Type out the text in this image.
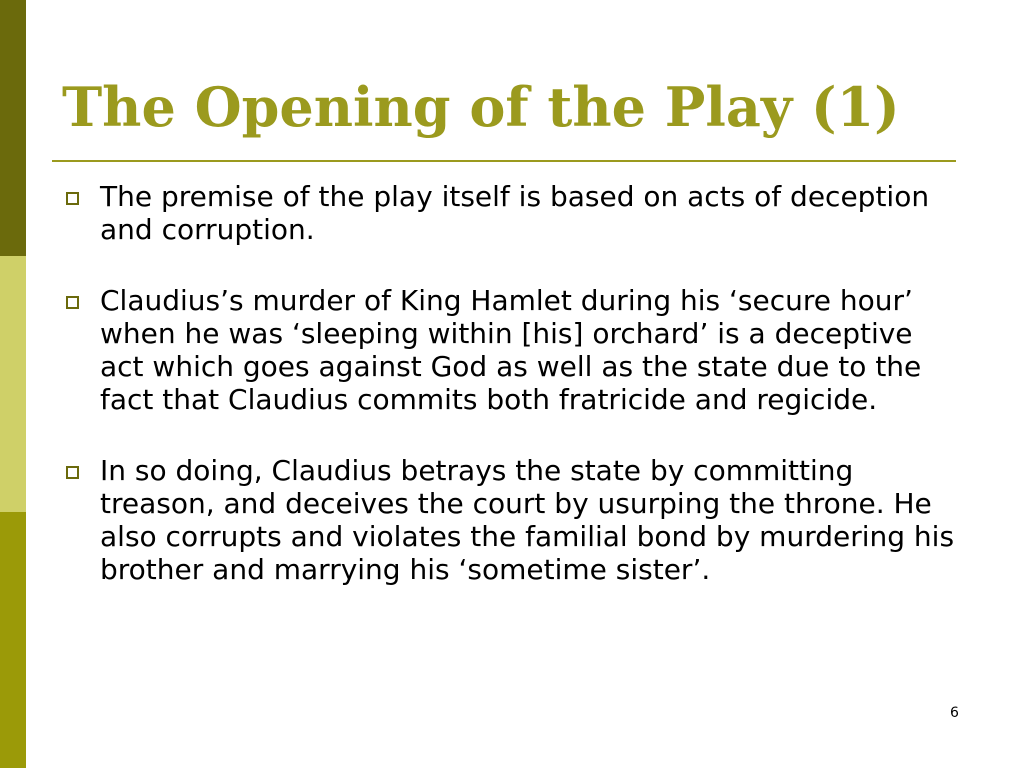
The Opening of the Play (1)
The premise of the play itself is based on acts of deception and corruption.
Claudius’s murder of King Hamlet during his ‘secure hour’ when he was ‘sleeping within [his] orchard’ is a deceptive act which goes against God as well as the state due to the fact that Claudius commits both fratricide and regicide.
In so doing, Claudius betrays the state by committing treason, and deceives the court by usurping the throne. He also corrupts and violates the familial bond by murdering his brother and marrying his ‘sometime sister’.
6
